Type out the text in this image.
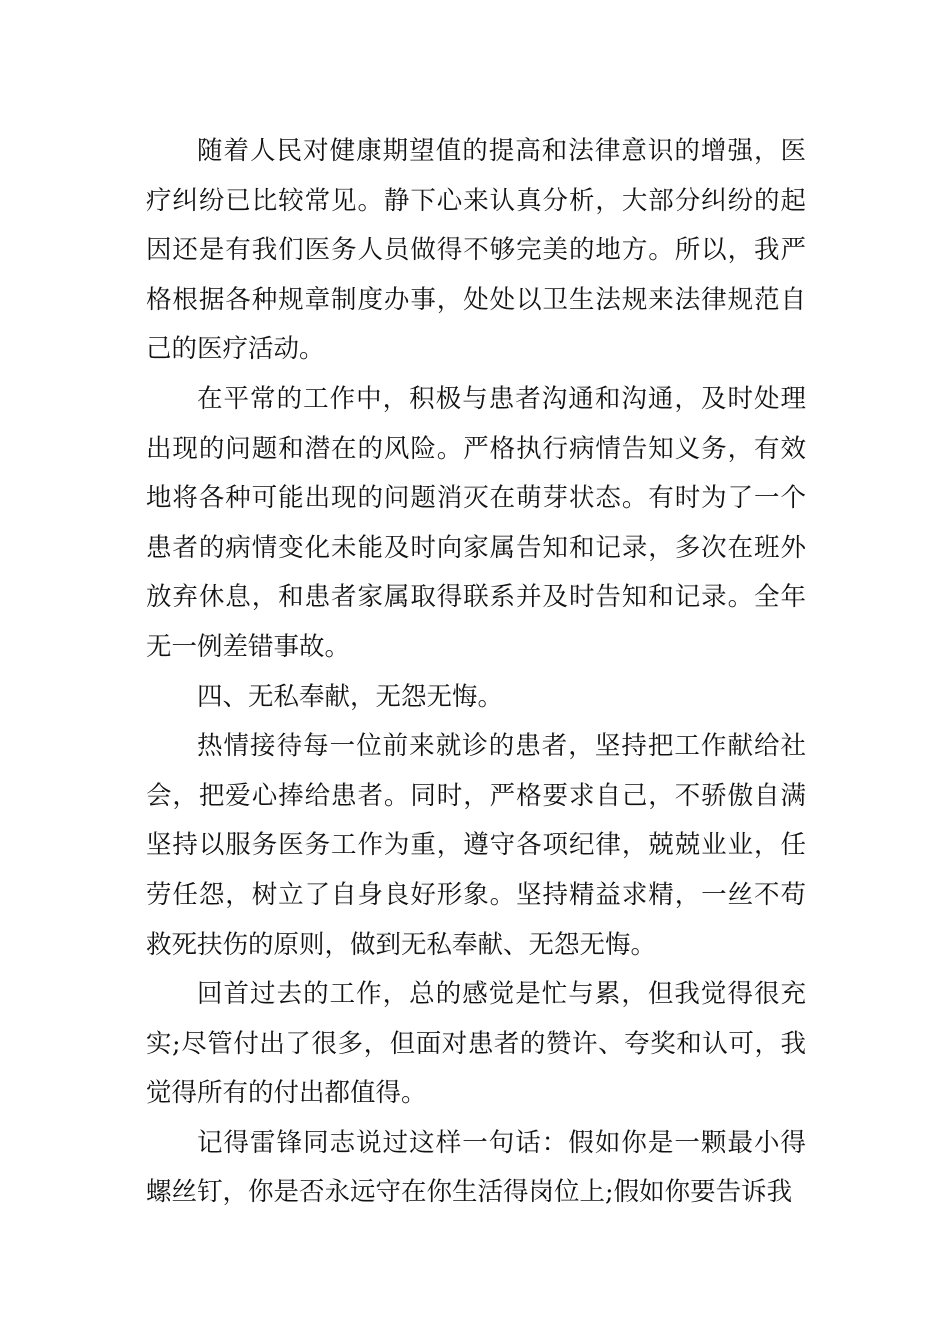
随着人民对健康期望值的提高和法律意识的增强，医疗纠纷已比较常见。静下心来认真分析，大部分纠纷的起因还是有我们医务人员做得不够完美的地方。所以，我严格根据各种规章制度办事，处处以卫生法规来法律规范自己的医疗活动。

在平常的工作中，积极与患者沟通和沟通，及时处理出现的问题和潜在的风险。严格执行病情告知义务，有效地将各种可能出现的问题消灭在萌芽状态。有时为了一个患者的病情变化未能及时向家属告知和记录，多次在班外放弃休息，和患者家属取得联系并及时告知和记录。全年无一例差错事故。

四、无私奉献，无怨无悔。

热情接待每一位前来就诊的患者，坚持把工作献给社会，把爱心捧给患者。同时，严格要求自己，不骄傲自满坚持以服务医务工作为重，遵守各项纪律，兢兢业业，任劳任怨，树立了自身良好形象。坚持精益求精，一丝不苟救死扶伤的原则，做到无私奉献、无怨无悔。

回首过去的工作，总的感觉是忙与累，但我觉得很充实;尽管付出了很多，但面对患者的赞许、夸奖和认可，我觉得所有的付出都值得。

记得雷锋同志说过这样一句话：假如你是一颗最小得螺丝钉，你是否永远守在你生活得岗位上;假如你要告诉我
